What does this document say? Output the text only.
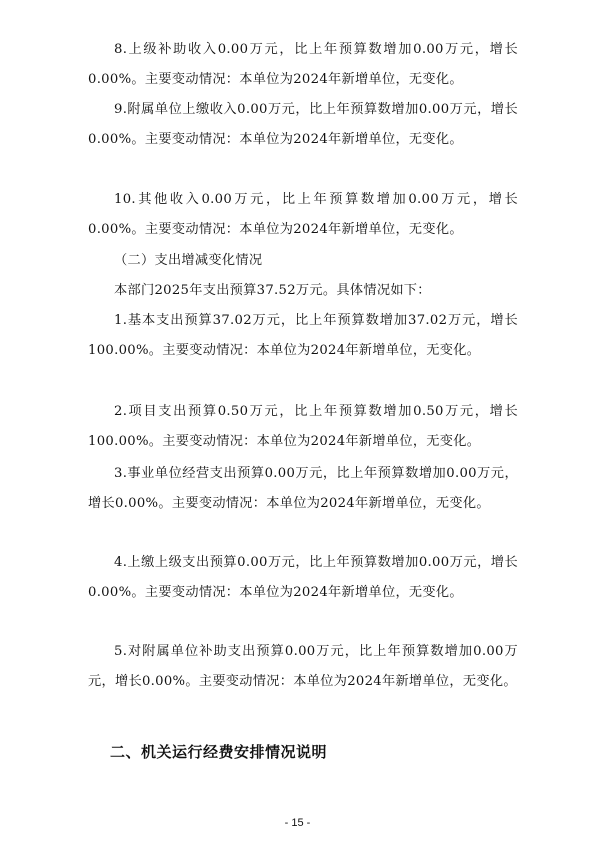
8.上级补助收入0.00万元，比上年预算数增加0.00万元，增长0.00%。主要变动情况：本单位为2024年新增单位，无变化。

9.附属单位上缴收入0.00万元，比上年预算数增加0.00万元，增长0.00%。主要变动情况：本单位为2024年新增单位，无变化。

10.其他收入0.00万元，比上年预算数增加0.00万元，增长0.00%。主要变动情况：本单位为2024年新增单位，无变化。

（二）支出增减变化情况

本部门2025年支出预算37.52万元。具体情况如下：

1.基本支出预算37.02万元，比上年预算数增加37.02万元，增长100.00%。主要变动情况：本单位为2024年新增单位，无变化。

2.项目支出预算0.50万元，比上年预算数增加0.50万元，增长100.00%。主要变动情况：本单位为2024年新增单位，无变化。

3.事业单位经营支出预算0.00万元，比上年预算数增加0.00万元，增长0.00%。主要变动情况：本单位为2024年新增单位，无变化。

4.上缴上级支出预算0.00万元，比上年预算数增加0.00万元，增长0.00%。主要变动情况：本单位为2024年新增单位，无变化。

5.对附属单位补助支出预算0.00万元，比上年预算数增加0.00万元，增长0.00%。主要变动情况：本单位为2024年新增单位，无变化。

二、机关运行经费安排情况说明
- 15 -
